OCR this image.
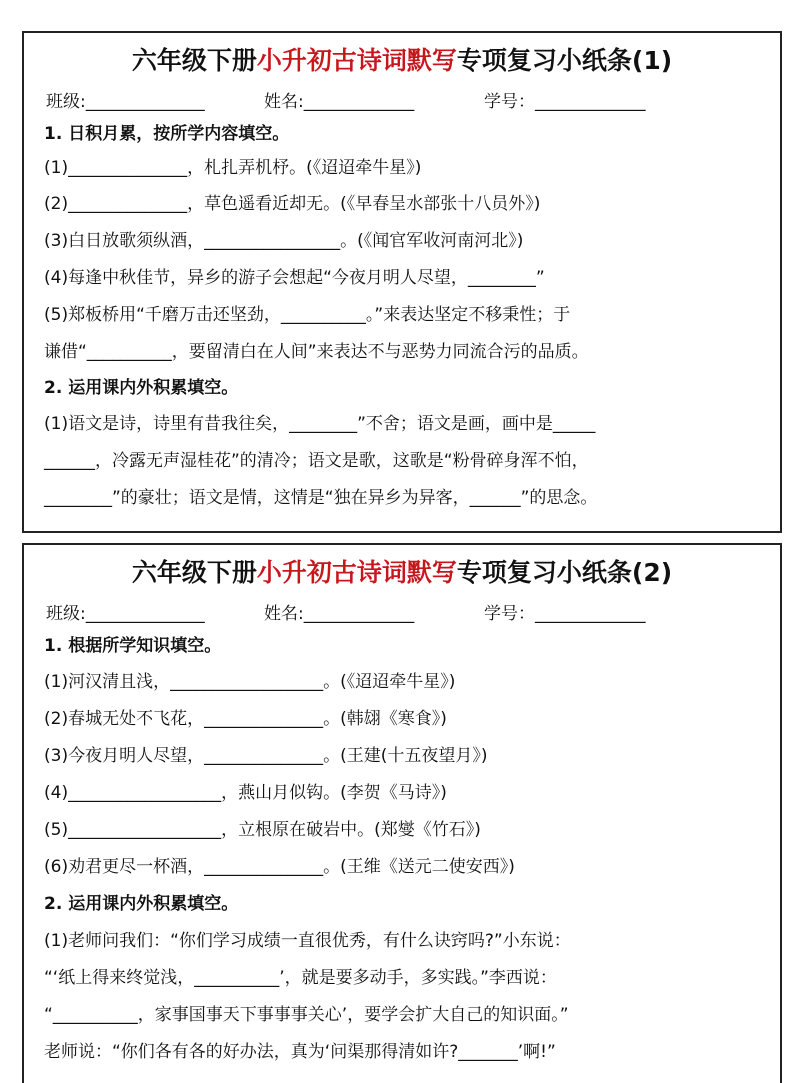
六年级下册小升初古诗词默写专项复习小纸条(1)
班级:______________	姓名:_____________	学号：_____________
1. 日积月累，按所学内容填空。
(1)______________，札扎弄机杼。(《迢迢牵牛星》)
(2)______________，草色遥看近却无。(《早春呈水部张十八员外》)
(3)白日放歌须纵酒，________________。(《闻官军收河南河北》)
(4)每逢中秋佳节，异乡的游子会想起“今夜月明人尽望，________”
(5)郑板桥用“千磨万击还坚劲，__________。”来表达坚定不移秉性；于
谦借“__________，要留清白在人间”来表达不与恶势力同流合污的品质。
2. 运用课内外积累填空。
(1)语文是诗，诗里有昔我往矣，________”不舍；语文是画，画中是_____
______，冷露无声湿桂花”的清冷；语文是歌，这歌是“粉骨碎身浑不怕，
________”的豪壮；语文是情，这情是“独在异乡为异客，______”的思念。
六年级下册小升初古诗词默写专项复习小纸条(2)
班级:______________	姓名:_____________	学号：_____________
1. 根据所学知识填空。
(1)河汉清且浅，__________________。(《迢迢牵牛星》)
(2)春城无处不飞花，______________。(韩翃《寒食》)
(3)今夜月明人尽望，______________。(王建(十五夜望月》)
(4)__________________，燕山月似钩。(李贺《马诗》)
(5)__________________，立根原在破岩中。(郑燮《竹石》)
(6)劝君更尽一杯酒，______________。(王维《送元二使安西》)
2. 运用课内外积累填空。
(1)老师问我们：“你们学习成绩一直很优秀，有什么诀窍吗?”小东说：
“‘纸上得来终觉浅，__________’，就是要多动手，多实践。”李西说：
“__________，家事国事天下事事事关心’，要学会扩大自己的知识面。”
老师说：“你们各有各的好办法，真为‘问渠那得清如许?_______’啊!”
